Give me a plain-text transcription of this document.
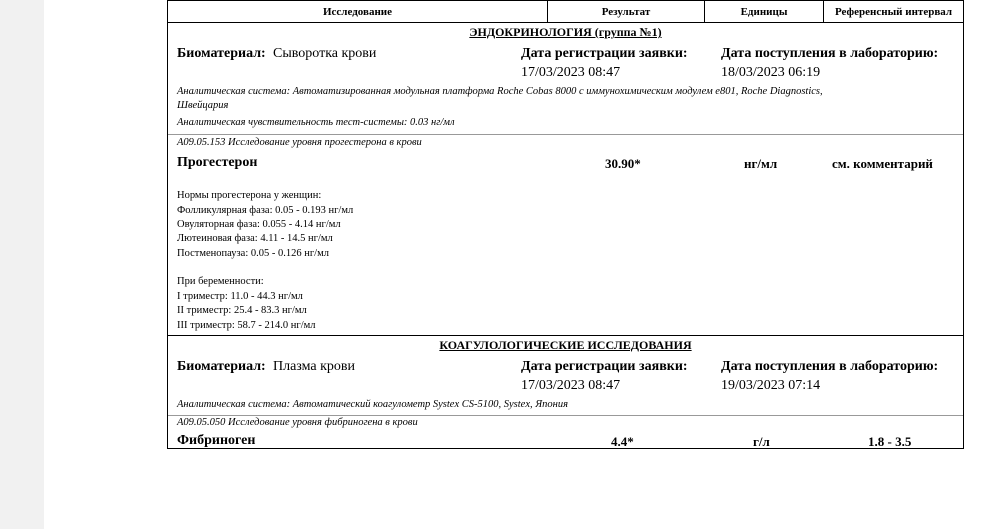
Исследование	Результат	Единицы	Референсный интервал
ЭНДОКРИНОЛОГИЯ (группа №1)
Биоматериал: Сыворотка крови	Дата регистрации заявки:
17/03/2023 08:47
Дата поступления в лабораторию:
18/03/2023 06:19
Аналитическая система: Автоматизированная модульная платформа Roche Cobas 8000 с иммунохимическим модулем e801, Roche Diagnostics,
Швейцария
Аналитическая чувствительность тест-системы: 0.03 нг/мл
A09.05.153 Исследование уровня прогестерона в крови
Прогестерон	30.90*	нг/мл	см. комментарий
Нормы прогестерона у женщин:
Фолликулярная фаза: 0.05 - 0.193 нг/мл
Овуляторная фаза: 0.055 - 4.14 нг/мл
Лютеиновая фаза: 4.11 - 14.5 нг/мл
Постменопауза: 0.05 - 0.126 нг/мл
При беременности:
I триместр: 11.0 - 44.3 нг/мл
II триместр: 25.4 - 83.3 нг/мл
III триместр: 58.7 - 214.0 нг/мл
КОАГУЛОЛОГИЧЕСКИЕ ИССЛЕДОВАНИЯ
Биоматериал: Плазма крови	Дата регистрации заявки:
17/03/2023 08:47
Дата поступления в лабораторию:
19/03/2023 07:14
Аналитическая система: Автоматический коагулометр Systex CS-5100, Systex, Япония
A09.05.050 Исследование уровня фибриногена в крови
Фибриноген	4.4*	г/л	1.8 - 3.5
